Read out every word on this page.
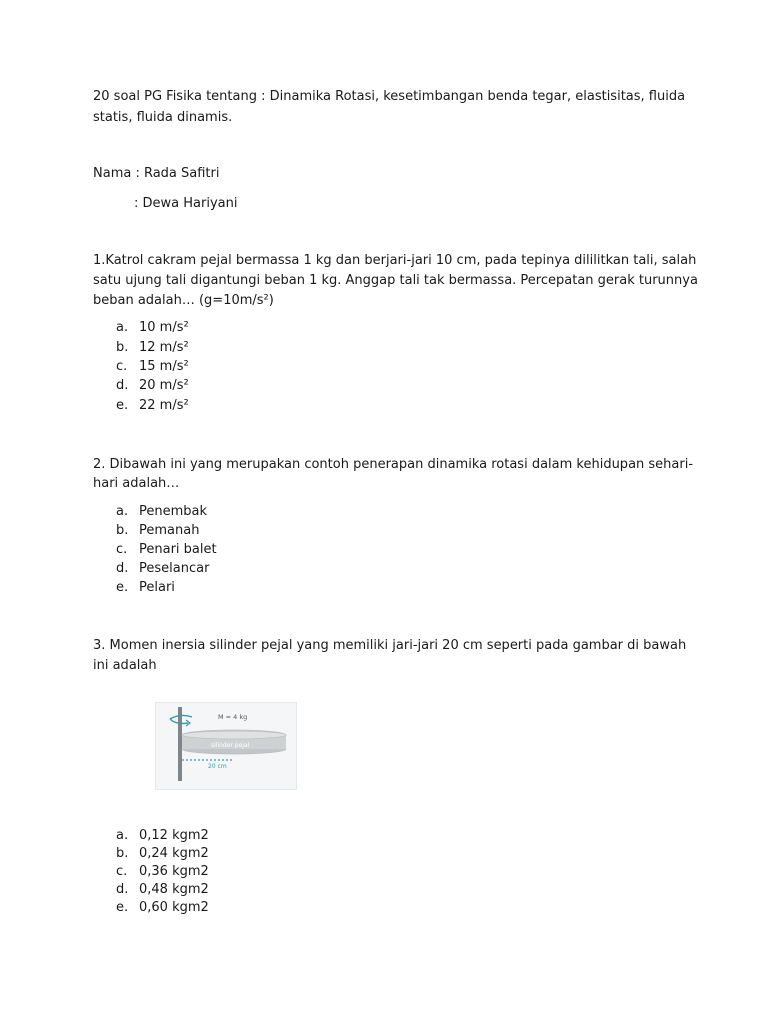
20 soal PG Fisika tentang : Dinamika Rotasi, kesetimbangan benda tegar, elastisitas, fluida
statis, fluida dinamis.
Nama : Rada Safitri
: Dewa Hariyani
1.Katrol cakram pejal bermassa 1 kg dan berjari-jari 10 cm, pada tepinya dililitkan tali, salah
satu ujung tali digantungi beban 1 kg. Anggap tali tak bermassa. Percepatan gerak turunnya
beban adalah… (g=10m/s²)
a. 10 m/s²
b. 12 m/s²
c. 15 m/s²
d. 20 m/s²
e. 22 m/s²
2. Dibawah ini yang merupakan contoh penerapan dinamika rotasi dalam kehidupan sehari-
hari adalah…
a. Penembak
b. Pemanah
c. Penari balet
d. Peselancar
e. Pelari
3. Momen inersia silinder pejal yang memiliki jari-jari 20 cm seperti pada gambar di bawah
ini adalah
M = 4 kg
silinder pejal
20 cm
a. 0,12 kgm2
b. 0,24 kgm2
c. 0,36 kgm2
d. 0,48 kgm2
e. 0,60 kgm2
